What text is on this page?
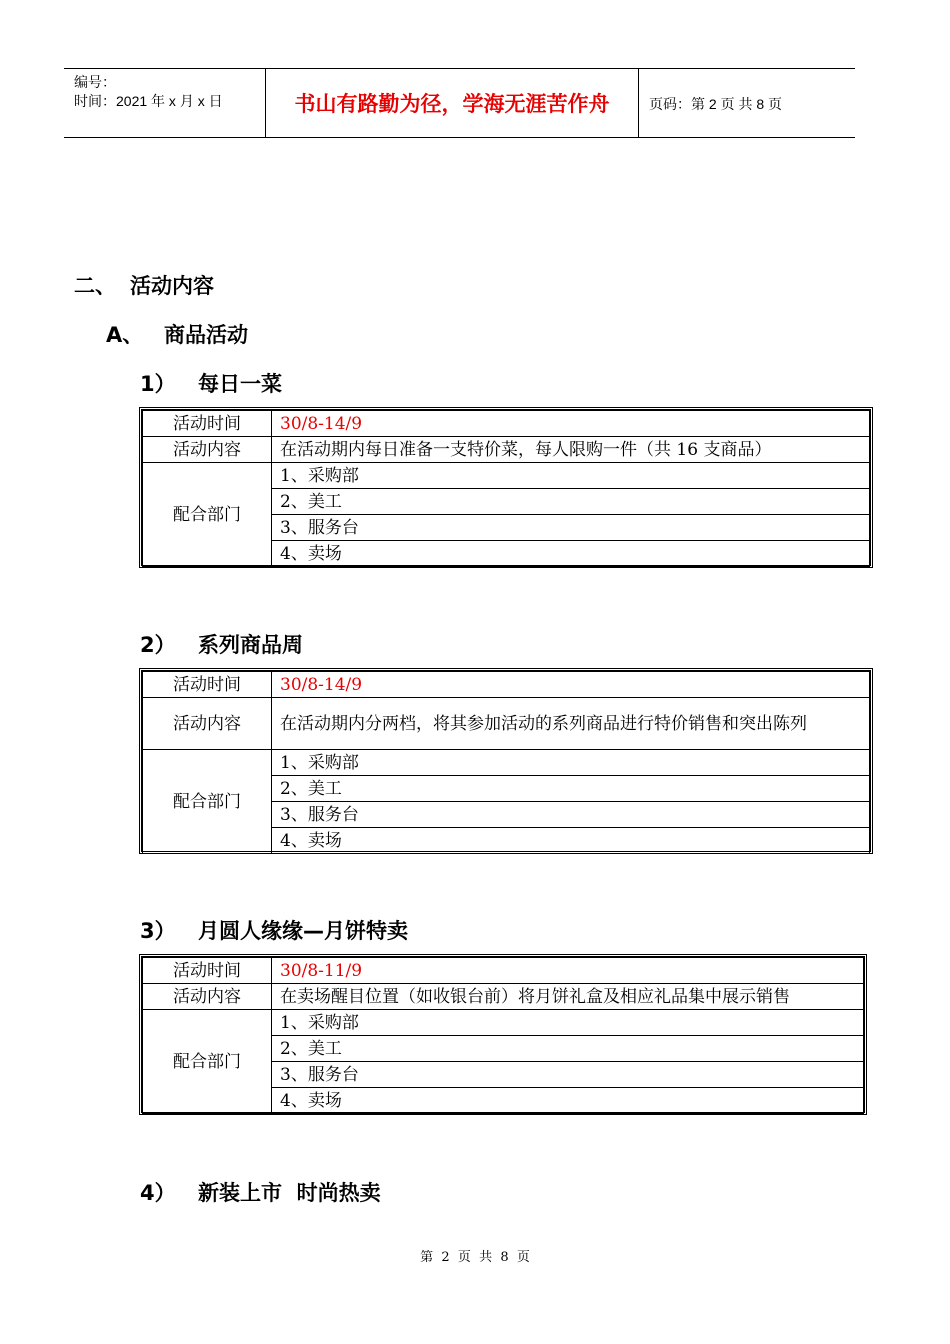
编号：
时间：2021 年 x 月 x 日	书山有路勤为径，学海无涯苦作舟	页码：第 2 页 共 8 页
二、 活动内容
A、 商品活动
1） 每日一菜
活动时间	30/8-14/9
活动内容	在活动期内每日准备一支特价菜，每人限购一件（共 16 支商品）
配合部门	1、采购部
	2、美工
	3、服务台
	4、卖场
2） 系列商品周
活动时间	30/8-14/9
活动内容	在活动期内分两档，将其参加活动的系列商品进行特价销售和突出陈列
配合部门	1、采购部
	2、美工
	3、服务台
	4、卖场
3） 月圆人缘缘—月饼特卖
活动时间	30/8-11/9
活动内容	在卖场醒目位置（如收银台前）将月饼礼盒及相应礼品集中展示销售
配合部门	1、采购部
	2、美工
	3、服务台
	4、卖场
4） 新装上市  时尚热卖
第  2  页  共  8  页
